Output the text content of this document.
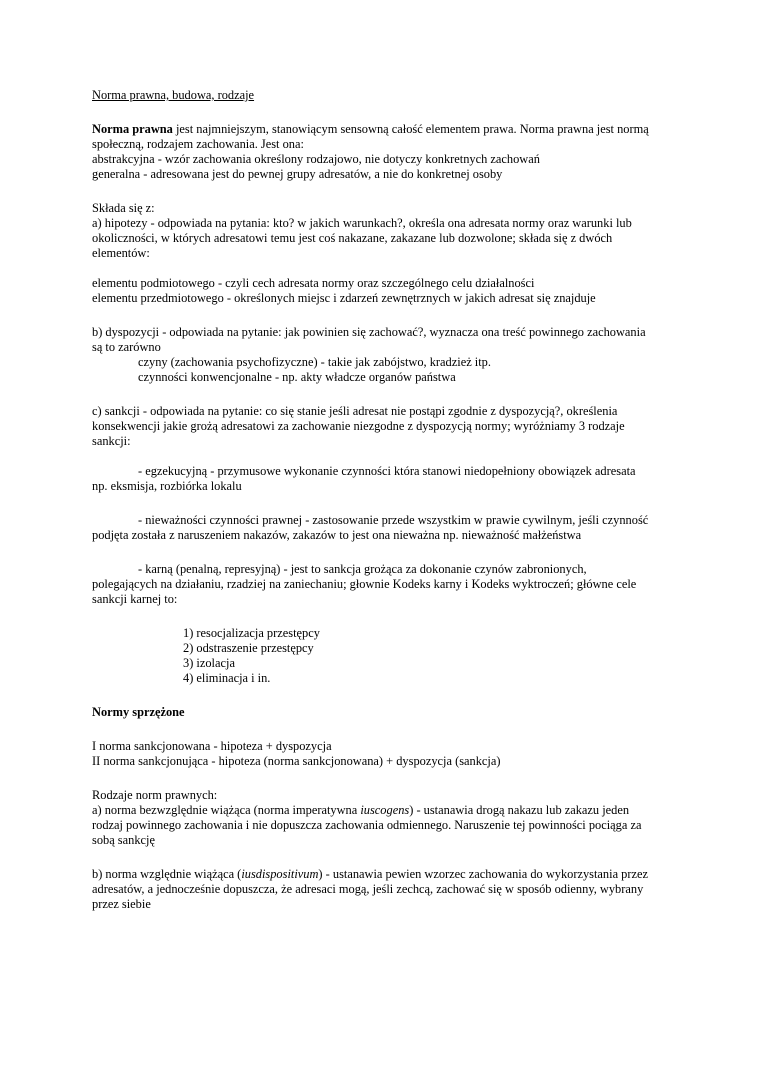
Norma prawna, budowa, rodzaje
Norma prawna jest najmniejszym, stanowiącym sensowną całość elementem prawa. Norma prawna jest normą
społeczną, rodzajem zachowania. Jest ona:
abstrakcyjna - wzór zachowania określony rodzajowo, nie dotyczy konkretnych zachowań
generalna - adresowana jest do pewnej grupy adresatów, a nie do konkretnej osoby
Składa się z:
a) hipotezy - odpowiada na pytania: kto? w jakich warunkach?, określa ona adresata normy oraz warunki lub
okoliczności, w których adresatowi temu jest coś nakazane, zakazane lub dozwolone; składa się z dwóch
elementów:
elementu podmiotowego - czyli cech adresata normy oraz szczególnego celu działalności
elementu przedmiotowego - określonych miejsc i zdarzeń zewnętrznych w jakich adresat się znajduje
b) dyspozycji - odpowiada na pytanie: jak powinien się zachować?, wyznacza ona treść powinnego zachowania
są to zarówno
czyny (zachowania psychofizyczne) - takie jak zabójstwo, kradzież itp.
czynności konwencjonalne - np. akty władcze organów państwa
c) sankcji - odpowiada na pytanie: co się stanie jeśli adresat nie postąpi zgodnie z dyspozycją?, określenia
konsekwencji jakie grożą adresatowi za zachowanie niezgodne z dyspozycją normy; wyróżniamy 3 rodzaje
sankcji:
- egzekucyjną - przymusowe wykonanie czynności która stanowi niedopełniony obowiązek adresata
np. eksmisja, rozbiórka lokalu
- nieważności czynności prawnej - zastosowanie przede wszystkim w prawie cywilnym, jeśli czynność
podjęta została z naruszeniem nakazów, zakazów to jest ona nieważna np. nieważność małżeństwa
- karną (penalną, represyjną) - jest to sankcja grożąca za dokonanie czynów zabronionych,
polegających na działaniu, rzadziej na zaniechaniu; głownie Kodeks karny i Kodeks wyktroczeń; główne cele
sankcji karnej to:
1) resocjalizacja przestępcy
2) odstraszenie przestępcy
3) izolacja
4) eliminacja i in.
Normy sprzężone
I norma sankcjonowana - hipoteza + dyspozycja
II norma sankcjonująca - hipoteza (norma sankcjonowana) + dyspozycja (sankcja)
Rodzaje norm prawnych:
a) norma bezwzględnie wiążąca (norma imperatywna iuscogens) - ustanawia drogą nakazu lub zakazu jeden
rodzaj powinnego zachowania i nie dopuszcza zachowania odmiennego. Naruszenie tej powinności pociąga za
sobą sankcję
b) norma względnie wiążąca (iusdispositivum) - ustanawia pewien wzorzec zachowania do wykorzystania przez
adresatów, a jednocześnie dopuszcza, że adresaci mogą, jeśli zechcą, zachować się w sposób odienny, wybrany
przez siebie
